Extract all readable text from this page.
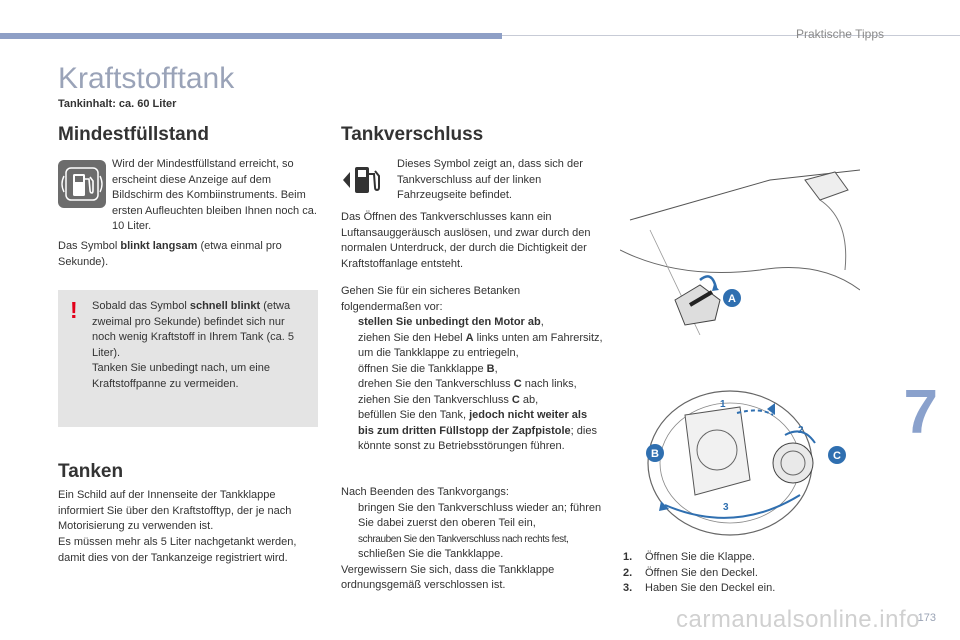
Praktische Tipps
7
173
Kraftstofftank
Tankinhalt: ca. 60 Liter
Mindestfüllstand
Wird der Mindestfüllstand erreicht, so erscheint diese Anzeige auf dem Bildschirm des Kombiinstruments. Beim ersten Aufleuchten bleiben Ihnen noch ca. 10 Liter.
Das Symbol blinkt langsam (etwa einmal pro Sekunde).
! Sobald das Symbol schnell blinkt (etwa zweimal pro Sekunde) befindet sich nur noch wenig Kraftstoff in Ihrem Tank (ca. 5 Liter).
Tanken Sie unbedingt nach, um eine Kraftstoffpanne zu vermeiden.
Tanken
Ein Schild auf der Innenseite der Tankklappe informiert Sie über den Kraftstofftyp, der je nach Motorisierung zu verwenden ist.
Es müssen mehr als 5 Liter nachgetankt werden, damit dies von der Tankanzeige registriert wird.
Tankverschluss
Dieses Symbol zeigt an, dass sich der Tankverschluss auf der linken Fahrzeugseite befindet.
Das Öffnen des Tankverschlusses kann ein Luftansauggeräusch auslösen, und zwar durch den normalen Unterdruck, der durch die Dichtigkeit der Kraftstoffanlage entsteht.
Gehen Sie für ein sicheres Betanken folgendermaßen vor:
stellen Sie unbedingt den Motor ab,
ziehen Sie den Hebel A links unten am Fahrersitz, um die Tankklappe zu entriegeln,
öffnen Sie die Tankklappe B,
drehen Sie den Tankverschluss C nach links,
ziehen Sie den Tankverschluss C ab,
befüllen Sie den Tank, jedoch nicht weiter als bis zum dritten Füllstopp der Zapfpistole; dies könnte sonst zu Betriebsstörungen führen.
Nach Beenden des Tankvorgangs:
bringen Sie den Tankverschluss wieder an; führen Sie dabei zuerst den oberen Teil ein,
schrauben Sie den Tankverschluss nach rechts fest,
schließen Sie die Tankklappe.
Vergewissern Sie sich, dass die Tankklappe ordnungsgemäß verschlossen ist.
A
B	C
1
2
3
1. Öffnen Sie die Klappe.
2. Öffnen Sie den Deckel.
3. Haben Sie den Deckel ein.
carmanualsonline.info
